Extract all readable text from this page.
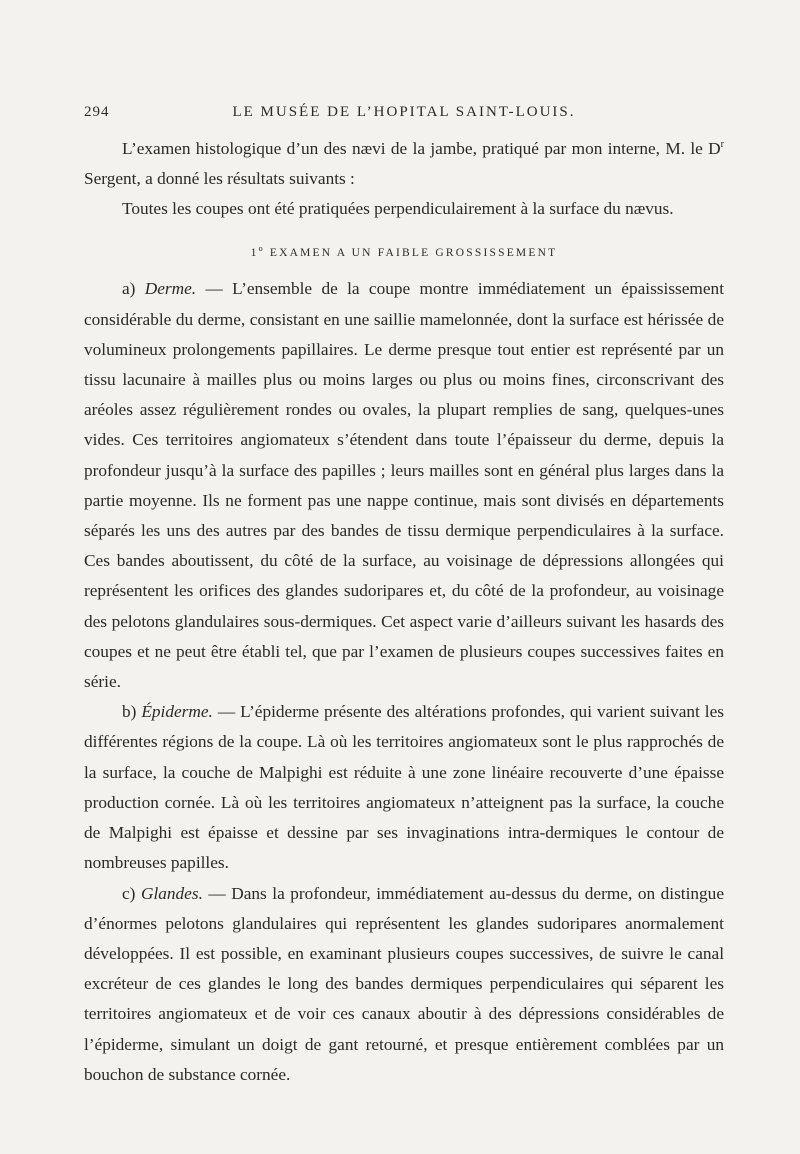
294	LE MUSÉE DE L’HOPITAL SAINT-LOUIS.

L’examen histologique d’un des nævi de la jambe, pratiqué par mon interne, M. le $D^r$ Sergent, a donné les résultats suivants :

Toutes les coupes ont été pratiquées perpendiculairement à la surface du nævus.

1$^o$ EXAMEN A UN FAIBLE GROSSISSEMENT

a) Derme. — L’ensemble de la coupe montre immédiatement un épaississement considérable du derme, consistant en une saillie mamelonnée, dont la surface est hérissée de volumineux prolongements papillaires. Le derme presque tout entier est représenté par un tissu lacunaire à mailles plus ou moins larges ou plus ou moins fines, circonscrivant des aréoles assez régulièrement rondes ou ovales, la plupart remplies de sang, quelques-unes vides. Ces territoires angiomateux s’étendent dans toute l’épaisseur du derme, depuis la profondeur jusqu’à la surface des papilles ; leurs mailles sont en général plus larges dans la partie moyenne. Ils ne forment pas une nappe continue, mais sont divisés en départements séparés les uns des autres par des bandes de tissu dermique perpendiculaires à la surface. Ces bandes aboutissent, du côté de la surface, au voisinage de dépressions allongées qui représentent les orifices des glandes sudoripares et, du côté de la profondeur, au voisinage des pelotons glandulaires sous-dermiques. Cet aspect varie d’ailleurs suivant les hasards des coupes et ne peut être établi tel, que par l’examen de plusieurs coupes successives faites en série.

b) Épiderme. — L’épiderme présente des altérations profondes, qui varient suivant les différentes régions de la coupe. Là où les territoires angiomateux sont le plus rapprochés de la surface, la couche de Malpighi est réduite à une zone linéaire recouverte d’une épaisse production cornée. Là où les territoires angiomateux n’atteignent pas la surface, la couche de Malpighi est épaisse et dessine par ses invaginations intra-dermiques le contour de nombreuses papilles.

c) Glandes. — Dans la profondeur, immédiatement au-dessus du derme, on distingue d’énormes pelotons glandulaires qui représentent les glandes sudoripares anormalement développées. Il est possible, en examinant plusieurs coupes successives, de suivre le canal excréteur de ces glandes le long des bandes dermiques perpendiculaires qui séparent les territoires angiomateux et de voir ces canaux aboutir à des dépressions considérables de l’épiderme, simulant un doigt de gant retourné, et presque entièrement comblées par un bouchon de substance cornée.
